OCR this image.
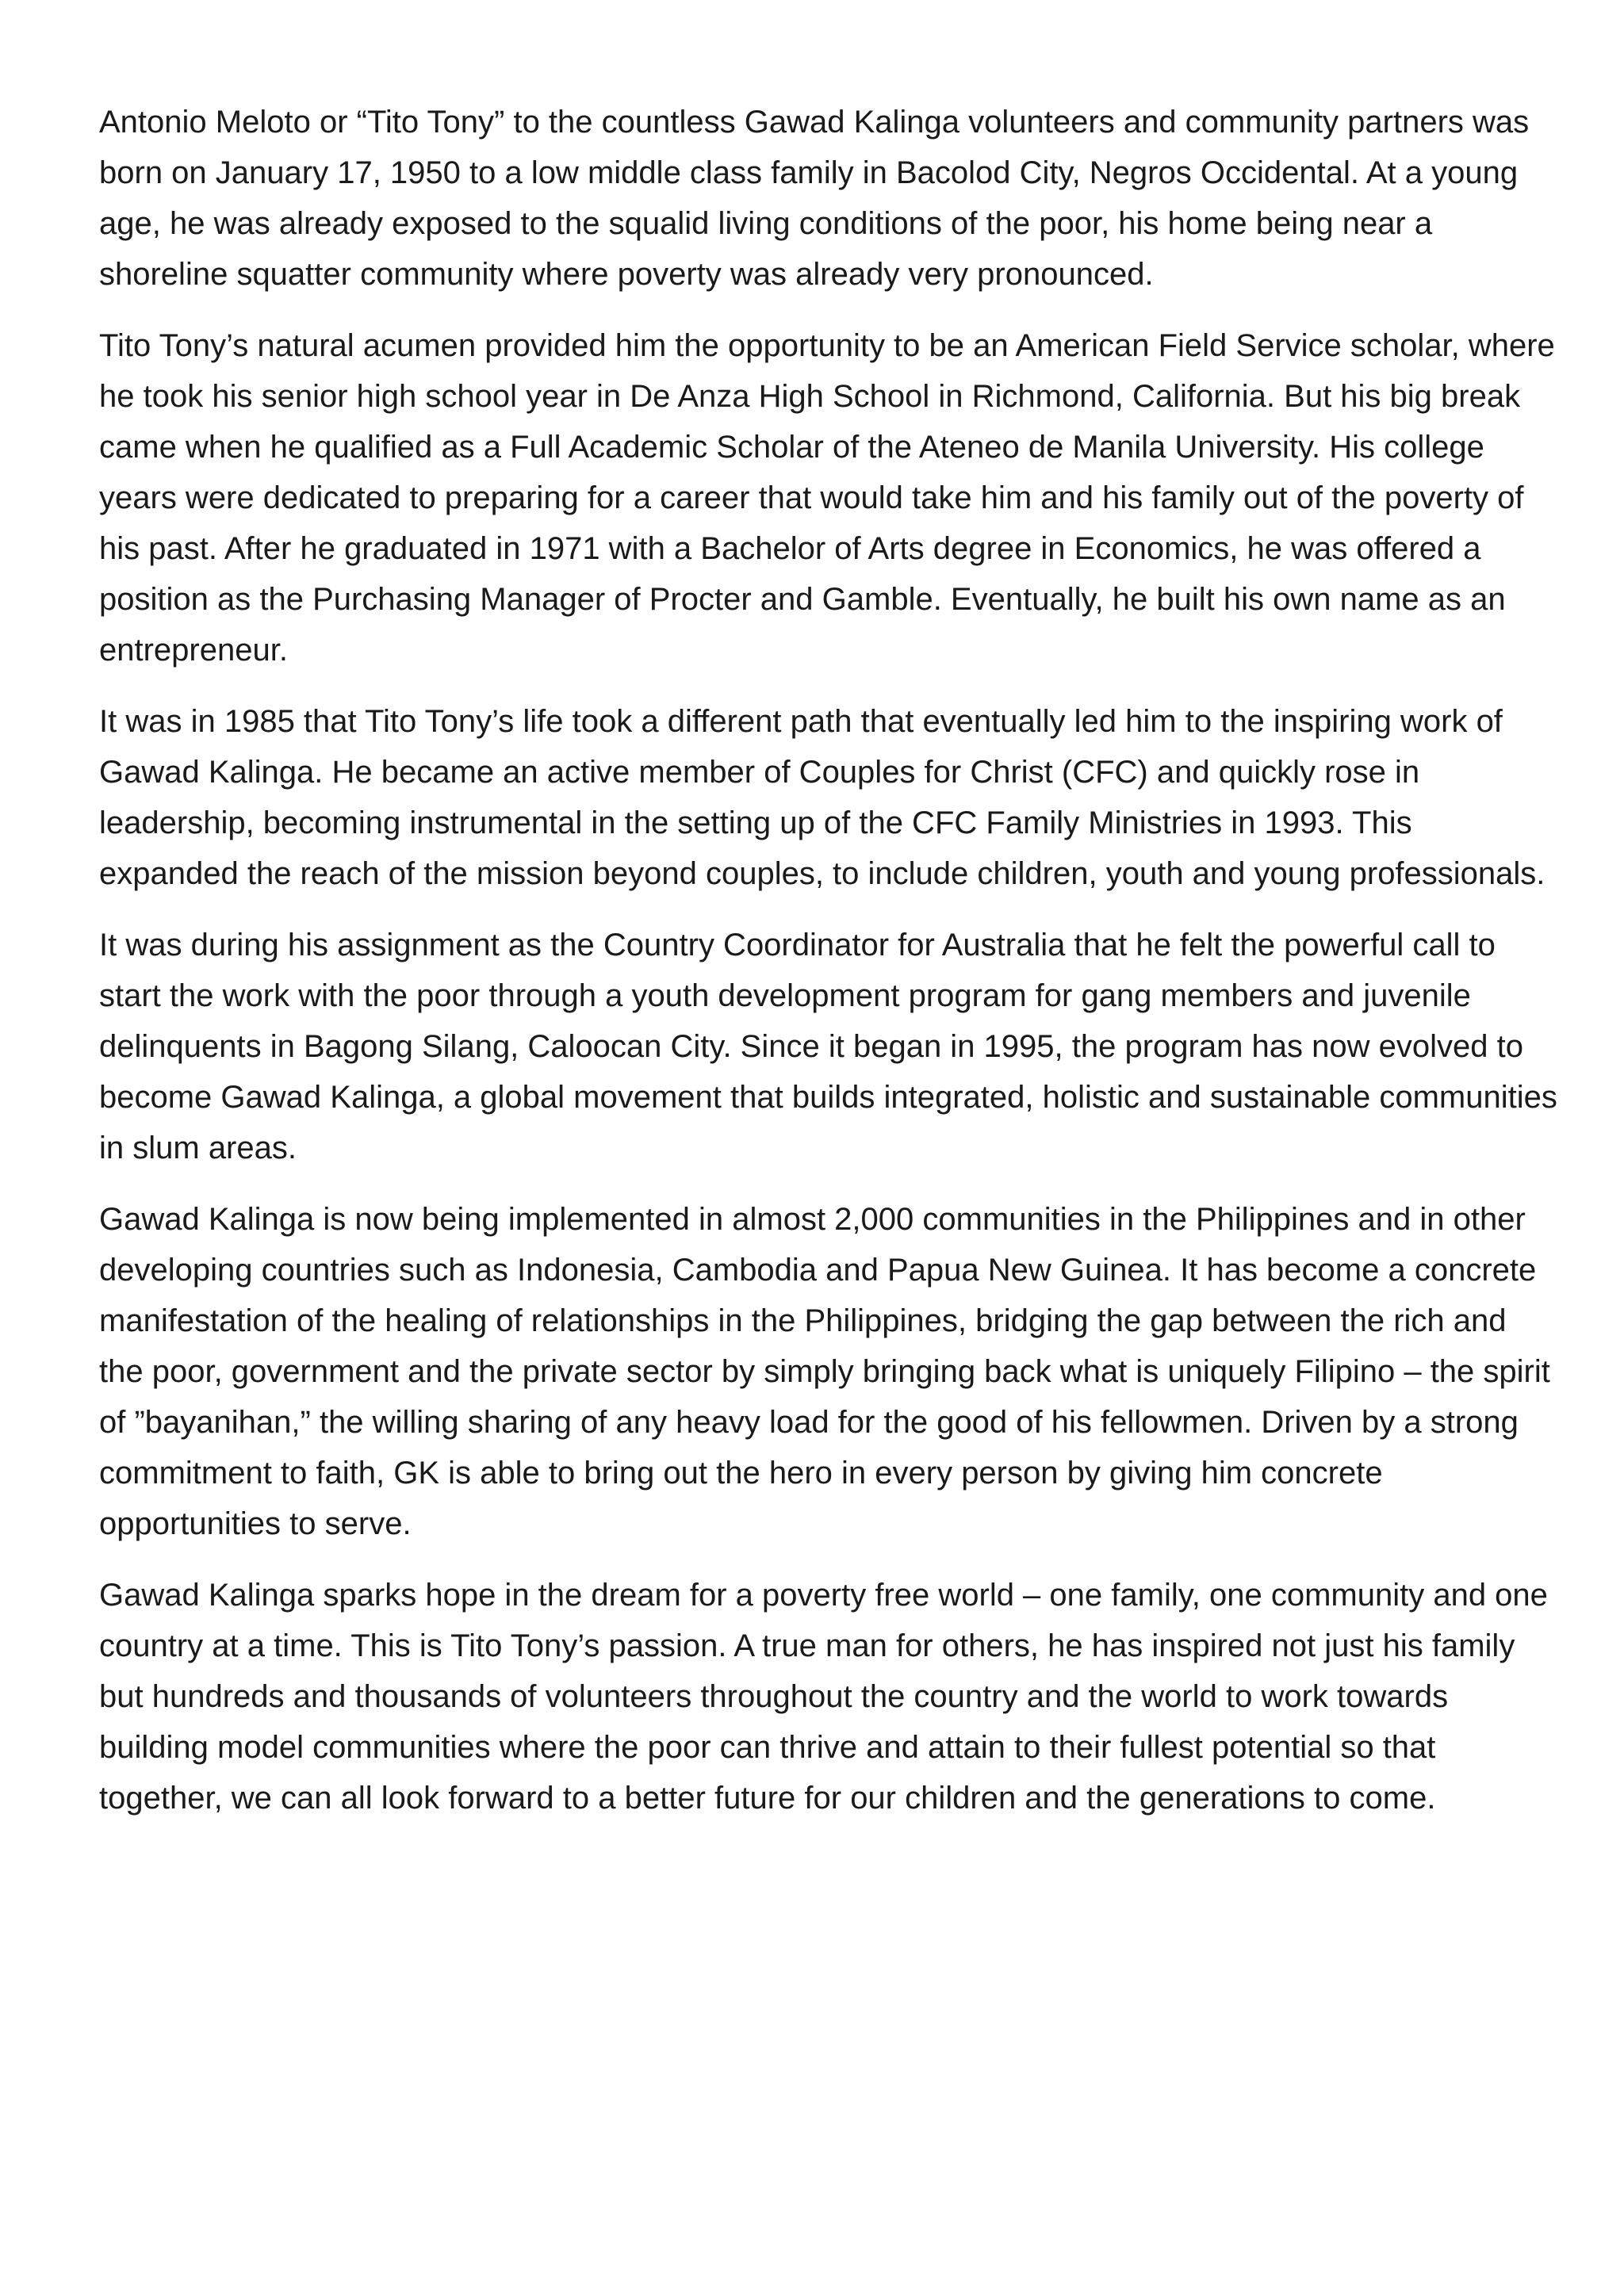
Antonio Meloto or “Tito Tony” to the countless Gawad Kalinga volunteers and community partners was born on January 17, 1950 to a low middle class family in Bacolod City, Negros Occidental. At a young age, he was already exposed to the squalid living conditions of the poor, his home being near a shoreline squatter community where poverty was already very pronounced.

Tito Tony’s natural acumen provided him the opportunity to be an American Field Service scholar, where he took his senior high school year in De Anza High School in Richmond, California. But his big break came when he qualified as a Full Academic Scholar of the Ateneo de Manila University. His college years were dedicated to preparing for a career that would take him and his family out of the poverty of his past. After he graduated in 1971 with a Bachelor of Arts degree in Economics, he was offered a position as the Purchasing Manager of Procter and Gamble. Eventually, he built his own name as an entrepreneur.

It was in 1985 that Tito Tony’s life took a different path that eventually led him to the inspiring work of Gawad Kalinga. He became an active member of Couples for Christ (CFC) and quickly rose in leadership, becoming instrumental in the setting up of the CFC Family Ministries in 1993. This expanded the reach of the mission beyond couples, to include children, youth and young professionals.

It was during his assignment as the Country Coordinator for Australia that he felt the powerful call to start the work with the poor through a youth development program for gang members and juvenile delinquents in Bagong Silang, Caloocan City. Since it began in 1995, the program has now evolved to become Gawad Kalinga, a global movement that builds integrated, holistic and sustainable communities in slum areas.

Gawad Kalinga is now being implemented in almost 2,000 communities in the Philippines and in other developing countries such as Indonesia, Cambodia and Papua New Guinea. It has become a concrete manifestation of the healing of relationships in the Philippines, bridging the gap between the rich and the poor, government and the private sector by simply bringing back what is uniquely Filipino – the spirit of ”bayanihan,” the willing sharing of any heavy load for the good of his fellowmen. Driven by a strong commitment to faith, GK is able to bring out the hero in every person by giving him concrete opportunities to serve.

Gawad Kalinga sparks hope in the dream for a poverty free world – one family, one community and one country at a time. This is Tito Tony’s passion. A true man for others, he has inspired not just his family but hundreds and thousands of volunteers throughout the country and the world to work towards building model communities where the poor can thrive and attain to their fullest potential so that together, we can all look forward to a better future for our children and the generations to come.
